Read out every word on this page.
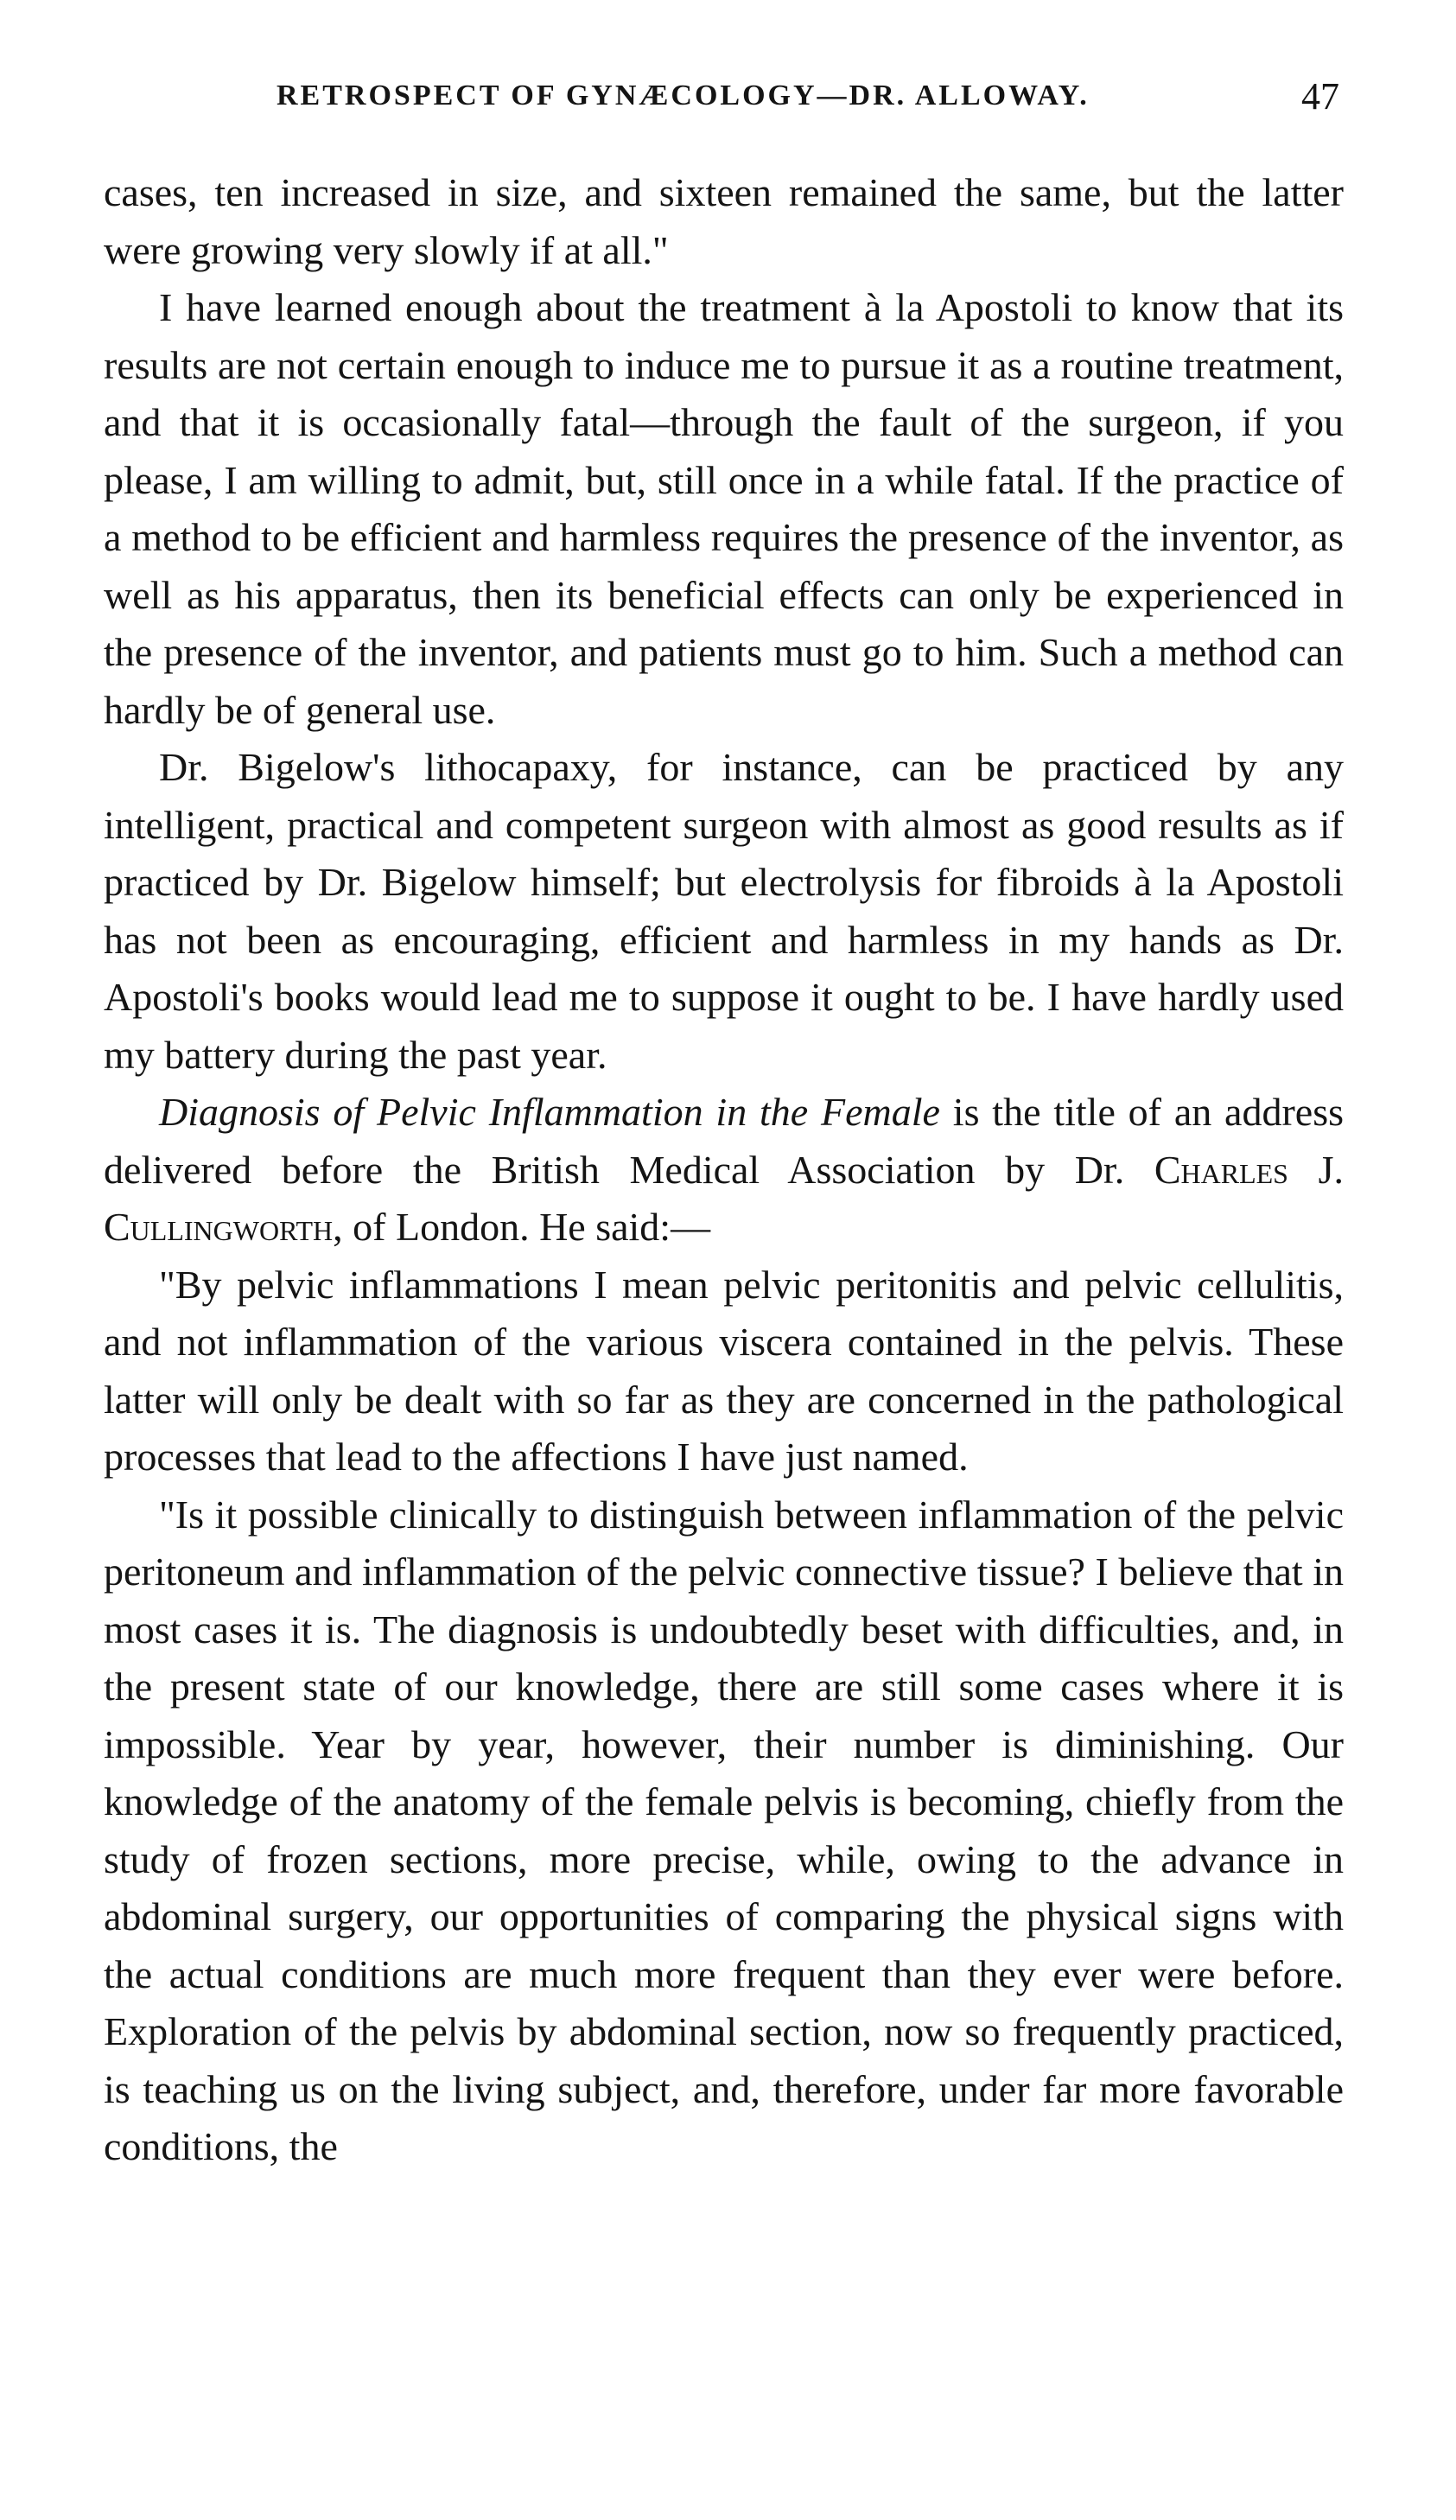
RETROSPECT OF GYNÆCOLOGY—DR. ALLOWAY.	47

cases, ten increased in size, and sixteen remained the same, but the latter were growing very slowly if at all."

I have learned enough about the treatment à la Apostoli to know that its results are not certain enough to induce me to pursue it as a routine treatment, and that it is occasionally fatal—through the fault of the surgeon, if you please, I am willing to admit, but, still once in a while fatal. If the practice of a method to be efficient and harmless requires the presence of the inventor, as well as his apparatus, then its beneficial effects can only be experienced in the presence of the inventor, and patients must go to him. Such a method can hardly be of general use.

Dr. Bigelow's lithocapaxy, for instance, can be practiced by any intelligent, practical and competent surgeon with almost as good results as if practiced by Dr. Bigelow himself; but electrolysis for fibroids à la Apostoli has not been as encouraging, efficient and harmless in my hands as Dr. Apostoli's books would lead me to suppose it ought to be. I have hardly used my battery during the past year.

Diagnosis of Pelvic Inflammation in the Female is the title of an address delivered before the British Medical Association by Dr. Charles J. Cullingworth, of London. He said:—

"By pelvic inflammations I mean pelvic peritonitis and pelvic cellulitis, and not inflammation of the various viscera contained in the pelvis. These latter will only be dealt with so far as they are concerned in the pathological processes that lead to the affections I have just named.

"Is it possible clinically to distinguish between inflammation of the pelvic peritoneum and inflammation of the pelvic connective tissue? I believe that in most cases it is. The diagnosis is undoubtedly beset with difficulties, and, in the present state of our knowledge, there are still some cases where it is impossible. Year by year, however, their number is diminishing. Our knowledge of the anatomy of the female pelvis is becoming, chiefly from the study of frozen sections, more precise, while, owing to the advance in abdominal surgery, our opportunities of comparing the physical signs with the actual conditions are much more frequent than they ever were before. Exploration of the pelvis by abdominal section, now so frequently practiced, is teaching us on the living subject, and, therefore, under far more favorable conditions, the
